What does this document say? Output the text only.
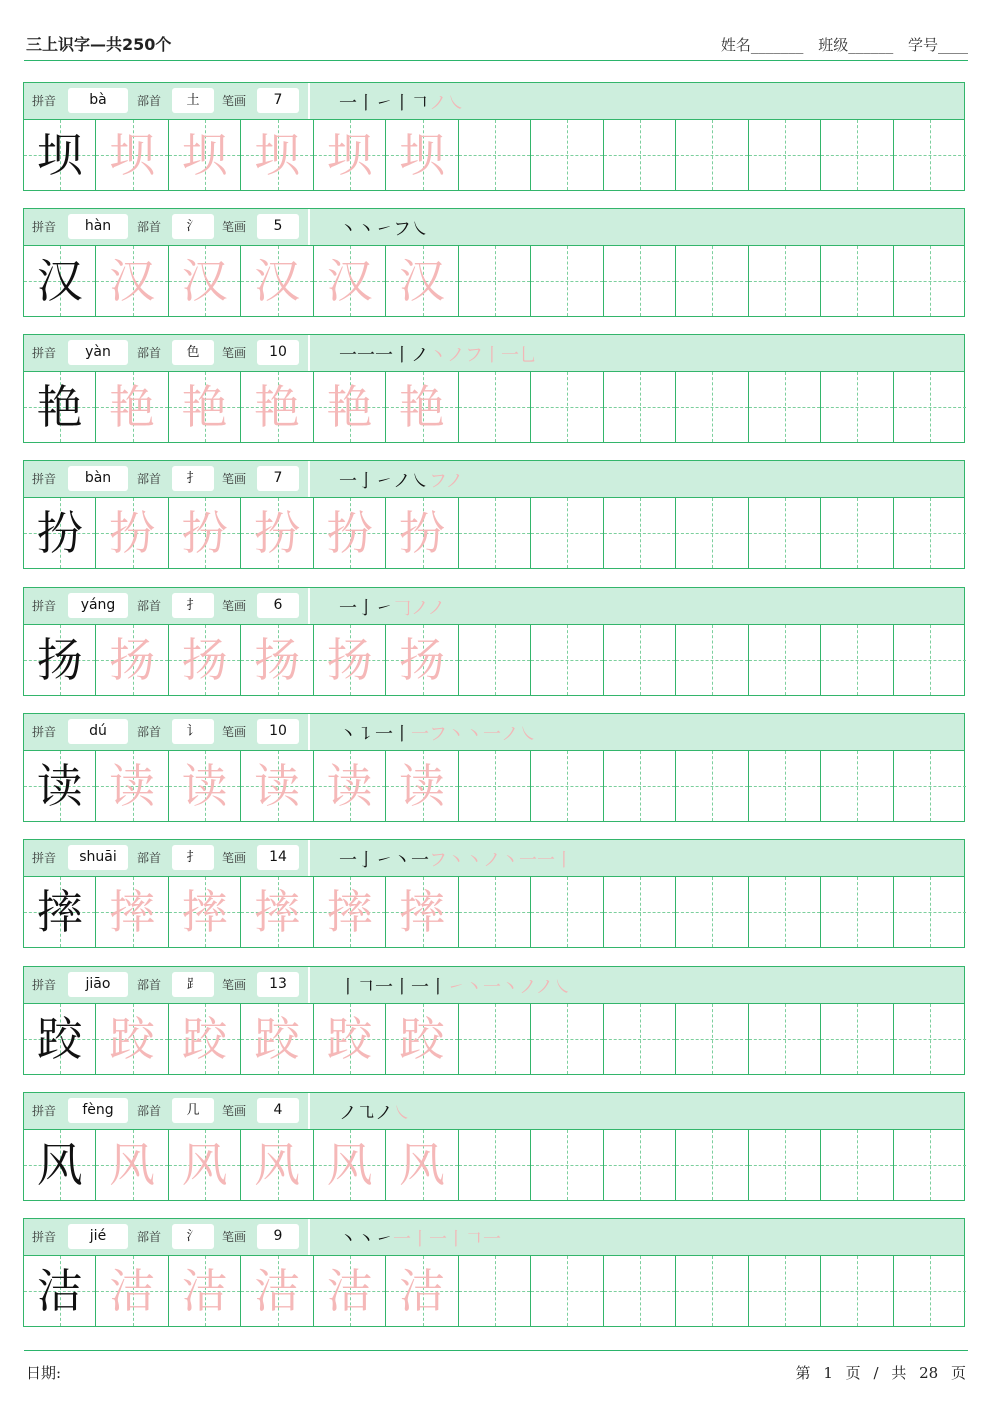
三上识字—共250个	姓名_______ 班级______ 学号____
拼音	bà	部首	土	笔画	7	一丨㇀丨𠃍ノ㇏
坝 坝 坝 坝 坝 坝
拼音	hàn	部首	氵	笔画	5	丶丶㇀フ㇏
汉 汉 汉 汉 汉 汉
拼音	yàn	部首	色	笔画	10	一一一丨ノ丶ノフ丨一乚
艳 艳 艳 艳 艳 艳
拼音	bàn	部首	扌	笔画	7	一亅㇀ノ㇏フノ
扮 扮 扮 扮 扮 扮
拼音	yáng	部首	扌	笔画	6	一亅㇀𠃌ノノ
扬 扬 扬 扬 扬 扬
拼音	dú	部首	讠	笔画	10	丶㇊一丨一フ丶丶一ノ㇏
读 读 读 读 读 读
拼音	shuāi	部首	扌	笔画	14	一亅㇀丶一フ丶丶ノ丶一一丨
摔 摔 摔 摔 摔 摔
拼音	jiāo	部首	⻊	笔画	13	丨𠃍一丨一丨㇀丶一丶ノノ㇏
跤 跤 跤 跤 跤 跤
拼音	fèng	部首	几	笔画	4	ノ㇈ノ㇏
风 风 风 风 风 风
拼音	jié	部首	氵	笔画	9	丶丶㇀一丨一丨𠃍一
洁 洁 洁 洁 洁 洁
日期:	第 1 页 / 共 28 页
